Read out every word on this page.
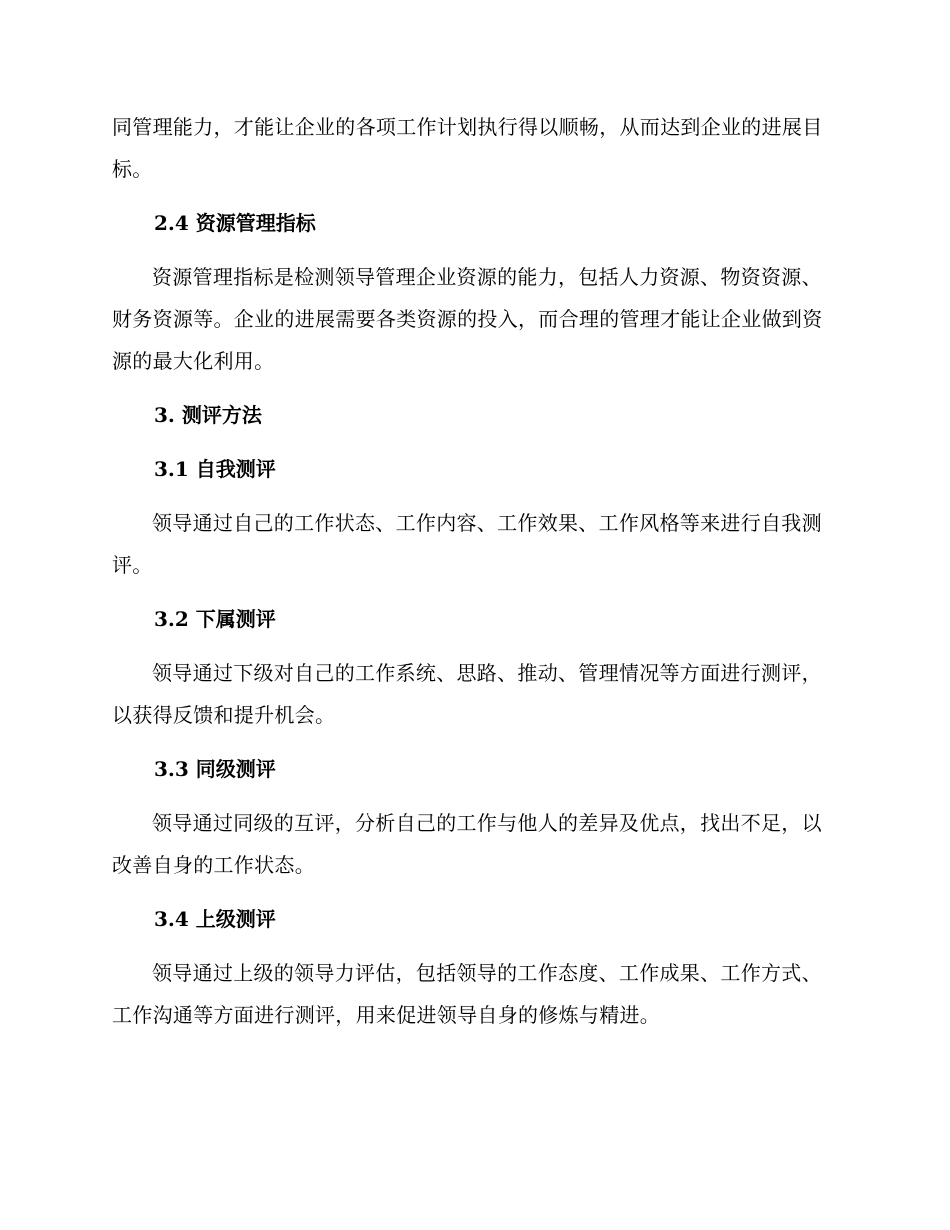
同管理能力，才能让企业的各项工作计划执行得以顺畅，从而达到企业的进展目标。

2.4 资源管理指标

资源管理指标是检测领导管理企业资源的能力，包括人力资源、物资资源、财务资源等。企业的进展需要各类资源的投入，而合理的管理才能让企业做到资源的最大化利用。

3. 测评方法

3.1 自我测评

领导通过自己的工作状态、工作内容、工作效果、工作风格等来进行自我测评。

3.2 下属测评

领导通过下级对自己的工作系统、思路、推动、管理情况等方面进行测评，以获得反馈和提升机会。

3.3 同级测评

领导通过同级的互评，分析自己的工作与他人的差异及优点，找出不足，以改善自身的工作状态。

3.4 上级测评

领导通过上级的领导力评估，包括领导的工作态度、工作成果、工作方式、工作沟通等方面进行测评，用来促进领导自身的修炼与精进。
